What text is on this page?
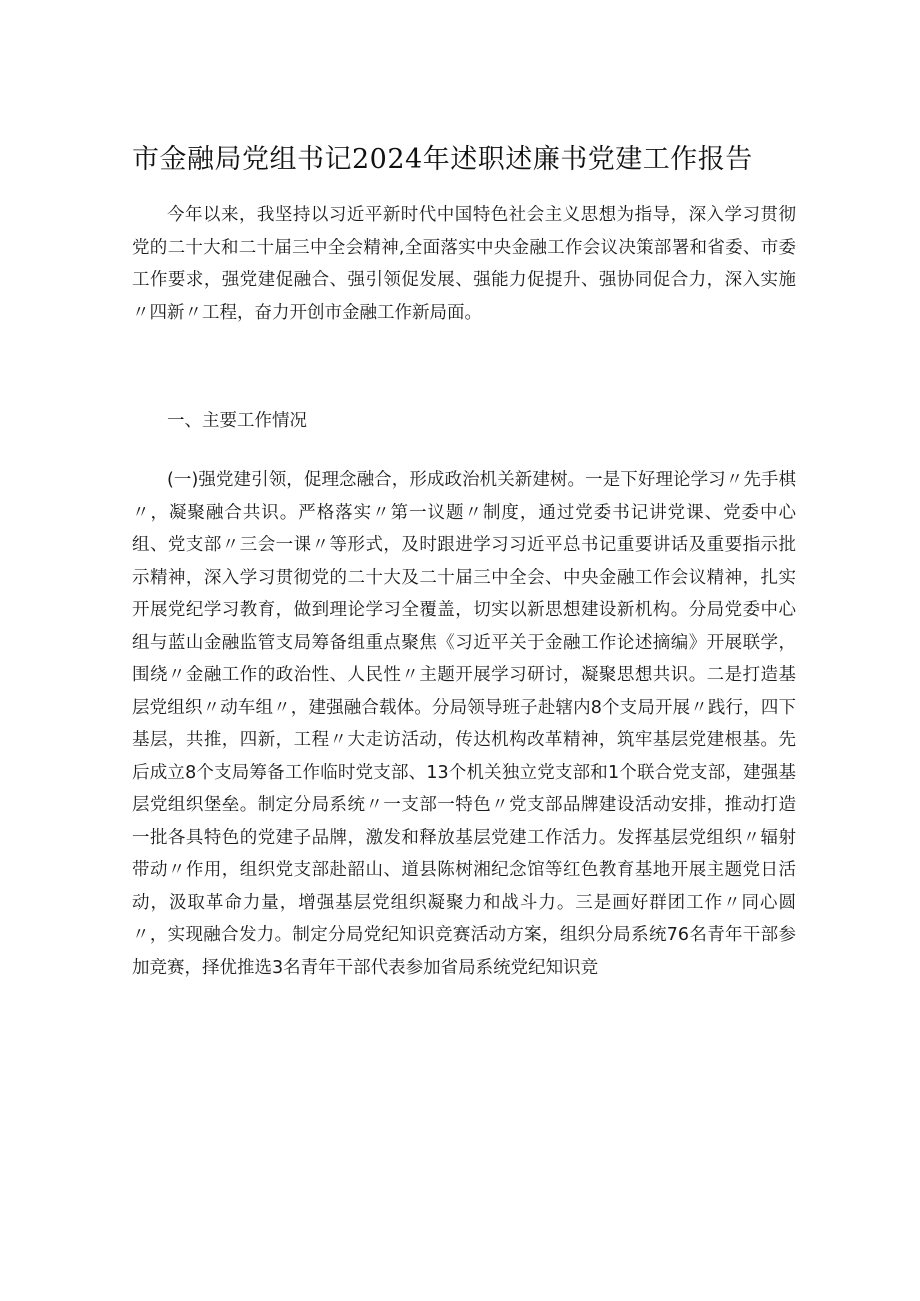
市金融局党组书记2024年述职述廉书党建工作报告

今年以来，我坚持以习近平新时代中国特色社会主义思想为指导，深入学习贯彻党的二十大和二十届三中全会精神,全面落实中央金融工作会议决策部署和省委、市委工作要求，强党建促融合、强引领促发展、强能力促提升、强协同促合力，深入实施〃四新〃工程，奋力开创市金融工作新局面。

一、主要工作情况

(一)强党建引领，促理念融合，形成政治机关新建树。一是下好理论学习〃先手棋〃，凝聚融合共识。严格落实〃第一议题〃制度，通过党委书记讲党课、党委中心组、党支部〃三会一课〃等形式，及时跟进学习习近平总书记重要讲话及重要指示批示精神，深入学习贯彻党的二十大及二十届三中全会、中央金融工作会议精神，扎实开展党纪学习教育，做到理论学习全覆盖，切实以新思想建设新机构。分局党委中心组与蓝山金融监管支局筹备组重点聚焦《习近平关于金融工作论述摘编》开展联学，围绕〃金融工作的政治性、人民性〃主题开展学习研讨，凝聚思想共识。二是打造基层党组织〃动车组〃，建强融合载体。分局领导班子赴辖内8个支局开展〃践行，四下基层，共推，四新，工程〃大走访活动，传达机构改革精神，筑牢基层党建根基。先后成立8个支局筹备工作临时党支部、13个机关独立党支部和1个联合党支部，建强基层党组织堡垒。制定分局系统〃一支部一特色〃党支部品牌建设活动安排，推动打造一批各具特色的党建子品牌，激发和释放基层党建工作活力。发挥基层党组织〃辐射带动〃作用，组织党支部赴韶山、道县陈树湘纪念馆等红色教育基地开展主题党日活动，汲取革命力量，增强基层党组织凝聚力和战斗力。三是画好群团工作〃同心圆〃，实现融合发力。制定分局党纪知识竞赛活动方案，组织分局系统76名青年干部参加竞赛，择优推选3名青年干部代表参加省局系统党纪知识竞
